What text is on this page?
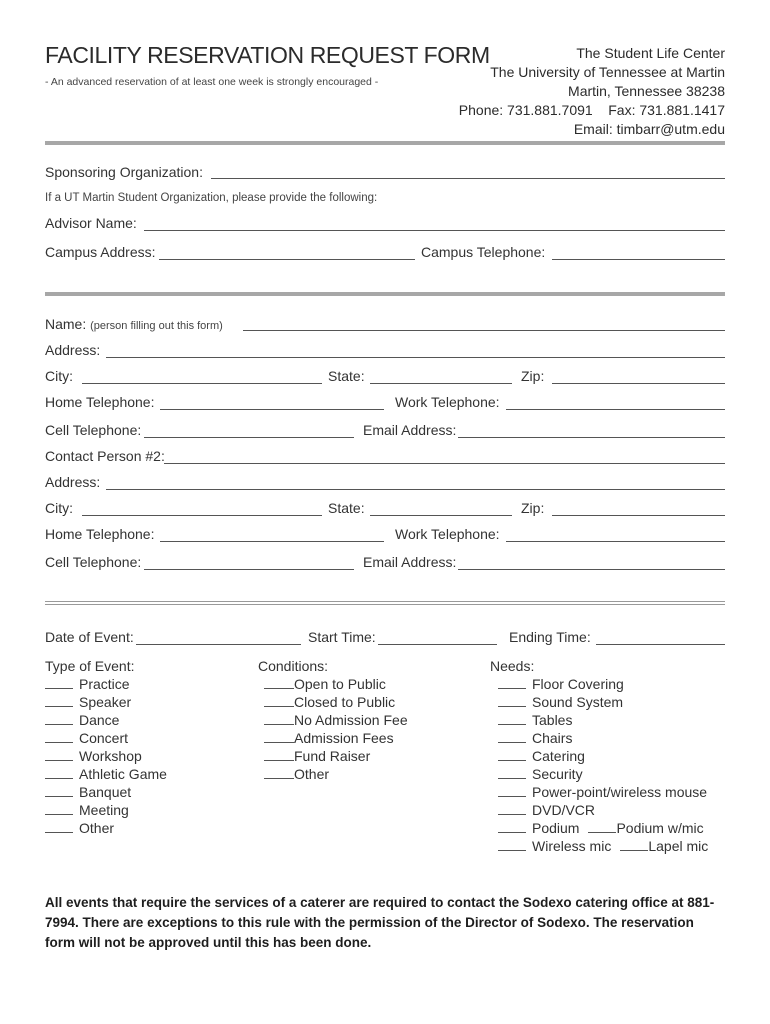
FACILITY RESERVATION REQUEST FORM
- An advanced reservation of at least one week is strongly encouraged -
The Student Life Center
The University of Tennessee at Martin
Martin, Tennessee 38238
Phone: 731.881.7091    Fax: 731.881.1417
Email: timbarr@utm.edu
Sponsoring Organization:
If a UT Martin Student Organization, please provide the following:
Advisor Name:
Campus Address:	Campus Telephone:
Name: (person filling out this form)
Address:
City:	State:	Zip:
Home Telephone:	Work Telephone:
Cell Telephone:	Email Address:
Contact Person #2:
Address:
City:	State:	Zip:
Home Telephone:	Work Telephone:
Cell Telephone:	Email Address:
Date of Event:	Start Time:	Ending Time:
Type of Event:
Practice
Speaker
Dance
Concert
Workshop
Athletic Game
Banquet
Meeting
Other
Conditions:
Open to Public
Closed to Public
No Admission Fee
Admission Fees
Fund Raiser
Other
Needs:
Floor Covering
Sound System
Tables
Chairs
Catering
Security
Power-point/wireless mouse
DVD/VCR
Podium	Podium w/mic
Wireless mic	Lapel mic
All events that require the services of a caterer are required to contact the Sodexo catering office at 881-7994. There are exceptions to this rule with the permission of the Director of Sodexo. The reservation form will not be approved until this has been done.
